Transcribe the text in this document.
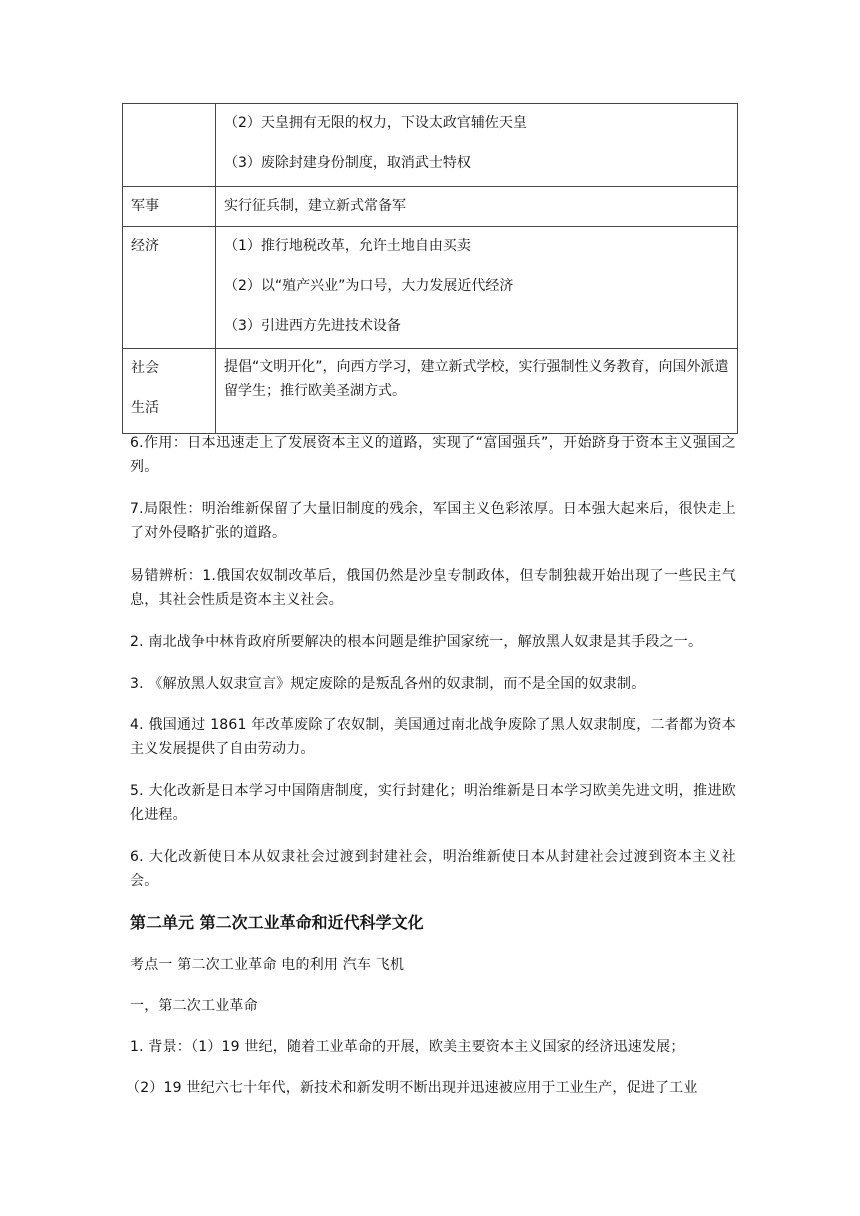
	（2）天皇拥有无限的权力，下设太政官辅佐天皇
（3）废除封建身份制度，取消武士特权

军事	实行征兵制，建立新式常备军

经济	（1）推行地税改革，允许土地自由买卖
（2）以“殖产兴业”为口号，大力发展近代经济
（3）引进西方先进技术设备

社会
生活	提倡“文明开化”，向西方学习，建立新式学校，实行强制性义务教育，向国外派遣留学生；推行欧美圣湖方式。
6.作用：日本迅速走上了发展资本主义的道路，实现了“富国强兵”，开始跻身于资本主义强国之列。
7.局限性：明治维新保留了大量旧制度的残余，军国主义色彩浓厚。日本强大起来后，很快走上了对外侵略扩张的道路。
易错辨析：1.俄国农奴制改革后，俄国仍然是沙皇专制政体，但专制独裁开始出现了一些民主气息，其社会性质是资本主义社会。
2. 南北战争中林肯政府所要解决的根本问题是维护国家统一，解放黑人奴隶是其手段之一。
3. 《解放黑人奴隶宣言》规定废除的是叛乱各州的奴隶制，而不是全国的奴隶制。
4. 俄国通过 1861 年改革废除了农奴制，美国通过南北战争废除了黑人奴隶制度，二者都为资本主义发展提供了自由劳动力。
5. 大化改新是日本学习中国隋唐制度，实行封建化；明治维新是日本学习欧美先进文明，推进欧化进程。
6. 大化改新使日本从奴隶社会过渡到封建社会，明治维新使日本从封建社会过渡到资本主义社会。
第二单元 第二次工业革命和近代科学文化
考点一 第二次工业革命 电的利用 汽车 飞机
一，第二次工业革命
1. 背景：（1）19 世纪，随着工业革命的开展，欧美主要资本主义国家的经济迅速发展；
（2）19 世纪六七十年代，新技术和新发明不断出现并迅速被应用于工业生产，促进了工业
